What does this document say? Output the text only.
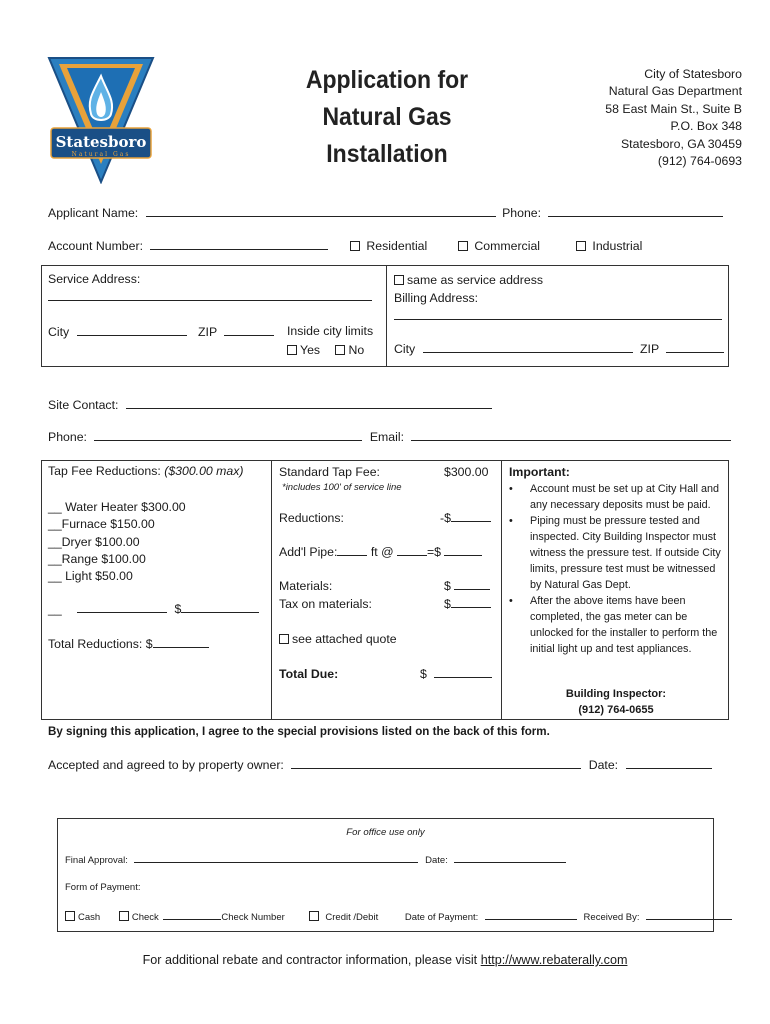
Statesboro
Natural Gas
Application for
Natural Gas
Installation
City of Statesboro
Natural Gas Department
58 East Main St., Suite B
P.O. Box 348
Statesboro, GA 30459
(912) 764-0693
Applicant Name:	Phone:
Account Number:	Residential	Commercial	Industrial
Service Address:
City	ZIP	Inside city limits
Yes No
same as service address
Billing Address:
City	ZIP
Site Contact:
Phone:	Email:
Tap Fee Reductions: ($300.00 max)
__ Water Heater $300.00
__Furnace $150.00
__Dryer $100.00
__Range $100.00
__ Light $50.00
__	$
Total Reductions: $
Standard Tap Fee:	$300.00
*includes 100' of service line
Reductions:	-$
Add'l Pipe:	ft @	=$
Materials:	$
Tax on materials:	$
see attached quote
Total Due:	$
Important:
• Account must be set up at City Hall and any necessary deposits must be paid.
• Piping must be pressure tested and inspected. City Building Inspector must witness the pressure test. If outside City limits, pressure test must be witnessed by Natural Gas Dept.
• After the above items have been completed, the gas meter can be unlocked for the installer to perform the initial light up and test appliances.
Building Inspector:
(912) 764-0655
By signing this application, I agree to the special provisions listed on the back of this form.
Accepted and agreed to by property owner:	Date:
For office use only
Final Approval:	Date:
Form of Payment:
Cash	Check	Check Number	Credit /Debit	Date of Payment:	Received By:
For additional rebate and contractor information, please visit http://www.rebaterally.com
